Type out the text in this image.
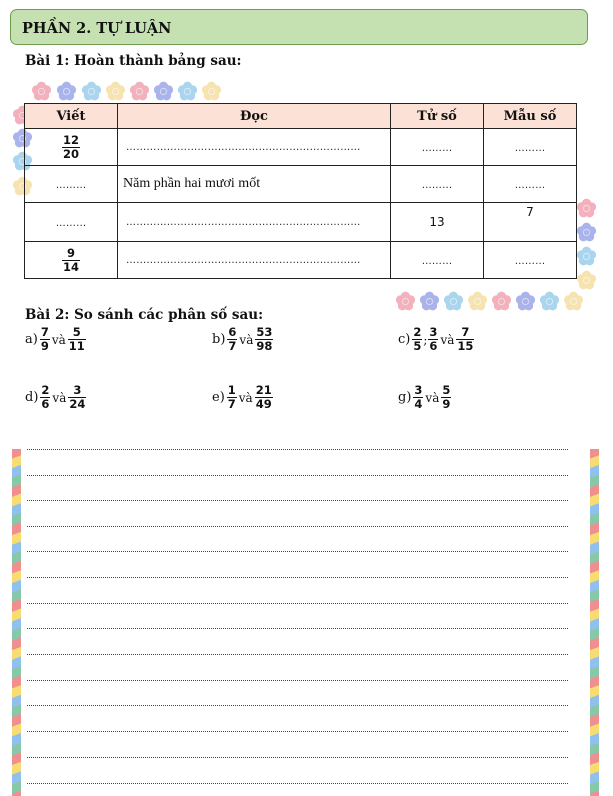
PHẦN 2. TỰ LUẬN
Bài 1: Hoàn thành bảng sau:
Viết	Đọc	Tử số	Mẫu số

$\frac{12}{20}$	……………………………………………………………	………	………
………	Năm phần hai mươi mốt	………	………
………	……………………………………………………………	13	7

$\frac{9}{14}$	……………………………………………………………	………	………
Bài 2: So sánh các phân số sau:
$a) \frac{7}{9}$ và $\frac{5}{11}$	$b) \frac{6}{7}$ và $\frac{53}{98}$	$c) \frac{2}{5}$ ; $\frac{3}{6}$ và $\frac{7}{15}$
$d) \frac{2}{6}$ và $\frac{3}{24}$	$e) \frac{1}{7}$ và $\frac{21}{49}$	$g) \frac{3}{4}$ và $\frac{5}{9}$
